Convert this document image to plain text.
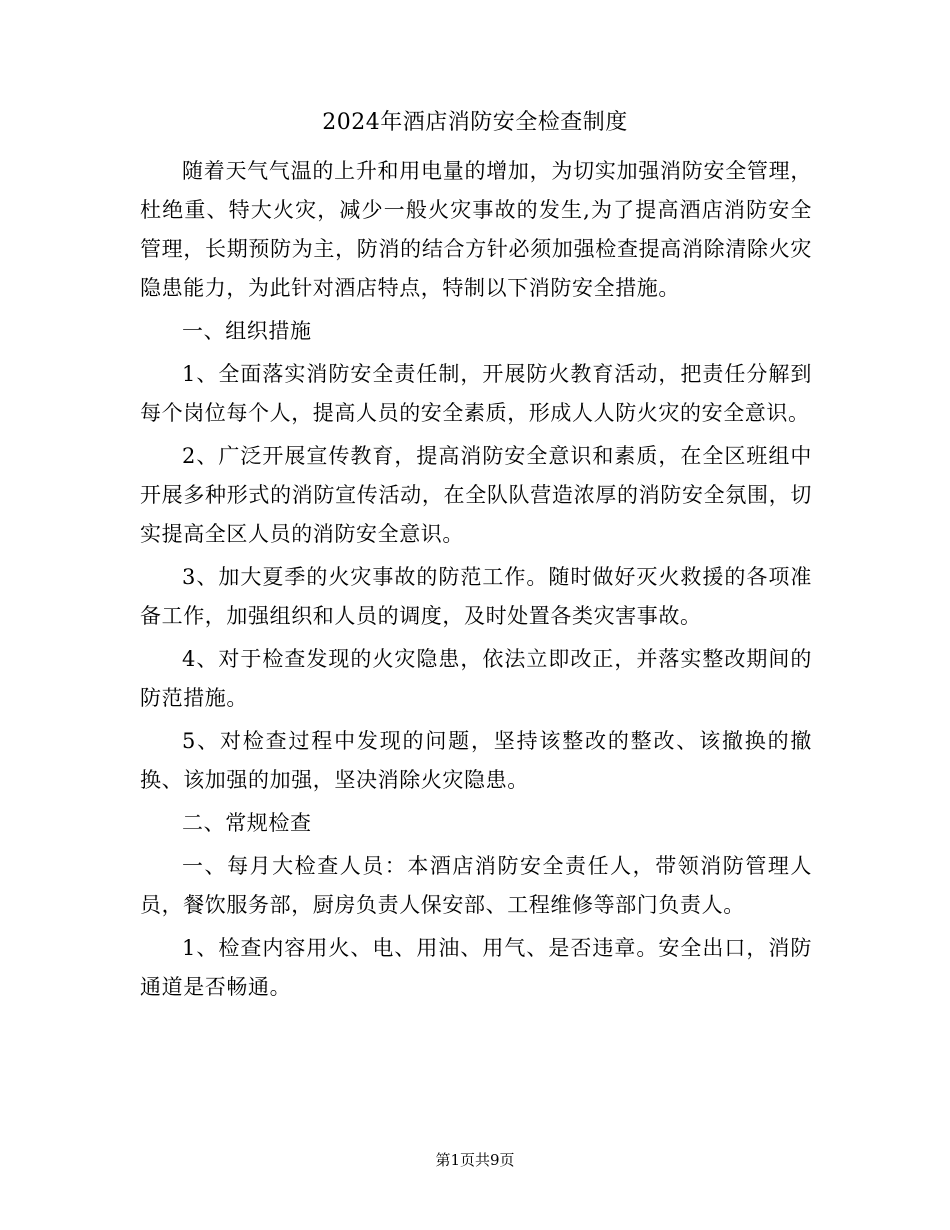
2024年酒店消防安全检查制度

随着天气气温的上升和用电量的增加，为切实加强消防安全管理，杜绝重、特大火灾，减少一般火灾事故的发生,为了提高酒店消防安全管理，长期预防为主，防消的结合方针必须加强检查提高消除清除火灾隐患能力，为此针对酒店特点，特制以下消防安全措施。

一、组织措施

1、全面落实消防安全责任制，开展防火教育活动，把责任分解到每个岗位每个人，提高人员的安全素质，形成人人防火灾的安全意识。

2、广泛开展宣传教育，提高消防安全意识和素质，在全区班组中开展多种形式的消防宣传活动，在全队队营造浓厚的消防安全氛围，切实提高全区人员的消防安全意识。

3、加大夏季的火灾事故的防范工作。随时做好灭火救援的各项准备工作，加强组织和人员的调度，及时处置各类灾害事故。

4、对于检查发现的火灾隐患，依法立即改正，并落实整改期间的防范措施。

5、对检查过程中发现的问题，坚持该整改的整改、该撤换的撤换、该加强的加强，坚决消除火灾隐患。

二、常规检查

一、每月大检查人员：本酒店消防安全责任人，带领消防管理人员，餐饮服务部，厨房负责人保安部、工程维修等部门负责人。

1、检查内容用火、电、用油、用气、是否违章。安全出口，消防通道是否畅通。

第1页共9页
